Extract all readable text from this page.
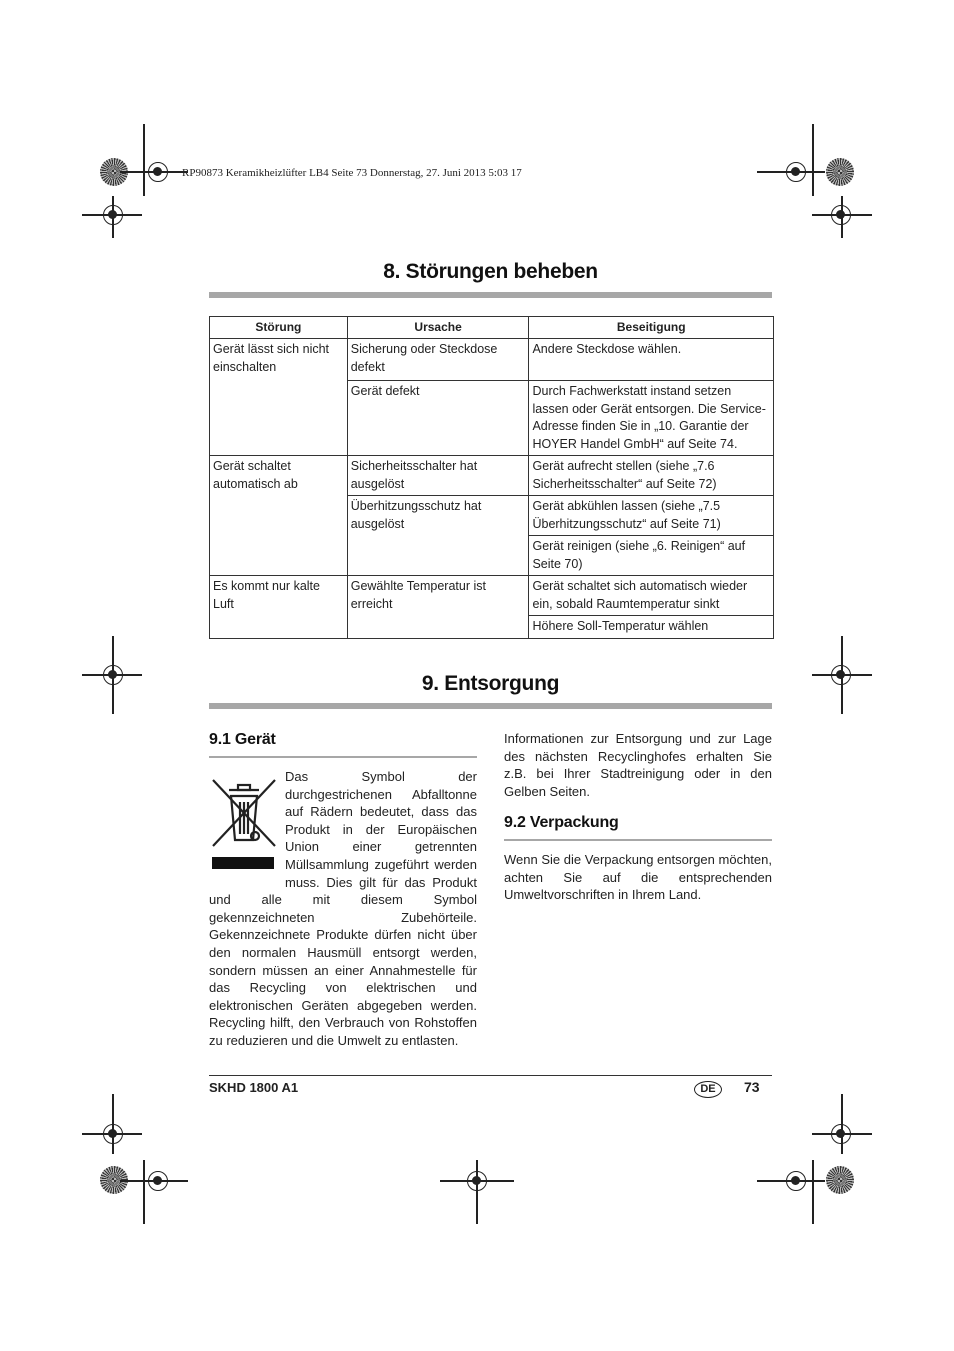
RP90873 Keramikheizlüfter LB4 Seite 73 Donnerstag, 27. Juni 2013 5:03 17
8. Störungen beheben
Störung	Ursache	Beseitigung
Gerät lässt sich nicht einschalten	Sicherung oder Steckdose defekt	Andere Steckdose wählen.
	Gerät defekt	Durch Fachwerkstatt instand setzen lassen oder Gerät entsorgen. Die Service-Adresse finden Sie in „10. Garantie der HOYER Handel GmbH“ auf Seite 74.
Gerät schaltet automatisch ab	Sicherheitsschalter hat ausgelöst	Gerät aufrecht stellen (siehe „7.6 Sicherheitsschalter“ auf Seite 72)
	Überhitzungsschutz hat ausgelöst	Gerät abkühlen lassen (siehe „7.5 Überhitzungsschutz“ auf Seite 71)
		Gerät reinigen (siehe „6. Reinigen“ auf Seite 70)
Es kommt nur kalte Luft	Gewählte Temperatur ist erreicht	Gerät schaltet sich automatisch wieder ein, sobald Raumtemperatur sinkt
		Höhere Soll-Temperatur wählen
9. Entsorgung
9.1 Gerät
Das Symbol der durchgestrichenen Abfalltonne auf Rädern bedeutet, dass das Produkt in der Europäischen Union einer getrennten Müllsammlung zugeführt werden muss. Dies gilt für das Produkt und alle mit diesem Symbol gekennzeichneten Zubehörteile. Gekennzeichnete Produkte dürfen nicht über den normalen Hausmüll entsorgt werden, sondern müssen an einer Annahmestelle für das Recycling von elektrischen und elektronischen Geräten abgegeben werden. Recycling hilft, den Verbrauch von Rohstoffen zu reduzieren und die Umwelt zu entlasten.
Informationen zur Entsorgung und zur Lage des nächsten Recyclinghofes erhalten Sie z.B. bei Ihrer Stadtreinigung oder in den Gelben Seiten.
9.2 Verpackung
Wenn Sie die Verpackung entsorgen möchten, achten Sie auf die entsprechenden Umweltvorschriften in Ihrem Land.
SKHD 1800 A1	DE	73
